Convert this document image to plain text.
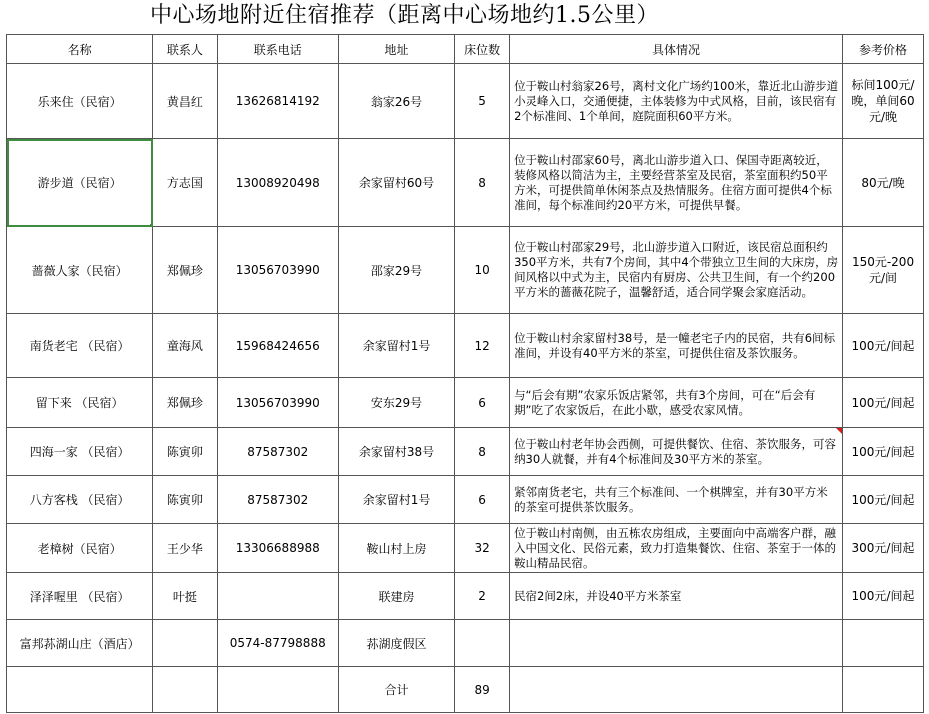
中心场地附近住宿推荐（距离中心场地约1.5公里）
名称	联系人	联系电话	地址	床位数	具体情况	参考价格
乐来住（民宿）	黄昌红	13626814192	翁家26号	5	位于鞍山村翁家26号，离村文化广场约100米，靠近北山游步道小灵峰入口，交通便捷，主体装修为中式风格，目前，该民宿有2个标准间、1个单间，庭院面积60平方米。	标间100元/晚，单间60元/晚
游步道（民宿）	方志国	13008920498	余家留村60号	8	位于鞍山村邵家60号，离北山游步道入口、保国寺距离较近，装修风格以简洁为主，主要经营茶室及民宿，茶室面积约50平方米，可提供简单休闲茶点及热情服务。住宿方面可提供4个标准间，每个标准间约20平方米，可提供早餐。	80元/晚
蔷薇人家（民宿）	郑佩珍	13056703990	邵家29号	10	位于鞍山村邵家29号，北山游步道入口附近，该民宿总面积约350平方米，共有7个房间，其中4个带独立卫生间的大床房，房间风格以中式为主，民宿内有厨房、公共卫生间，有一个约200平方米的蔷薇花院子，温馨舒适，适合同学聚会家庭活动。	150元-200元/间
南货老宅 （民宿）	童海风	15968424656	余家留村1号	12	位于鞍山村余家留村38号，是一幢老宅子内的民宿，共有6间标准间，并设有40平方米的茶室，可提供住宿及茶饮服务。	100元/间起
留下来 （民宿）	郑佩珍	13056703990	安东29号	6	与“后会有期”农家乐饭店紧邻，共有3个房间，可在“后会有期”吃了农家饭后，在此小歇，感受农家风情。	100元/间起
四海一家 （民宿）	陈寅卯	87587302	余家留村38号	8	位于鞍山村老年协会西侧，可提供餐饮、住宿、茶饮服务，可容纳30人就餐，并有4个标准间及30平方米的茶室。	100元/间起
八方客栈 （民宿）	陈寅卯	87587302	余家留村1号	6	紧邻南货老宅，共有三个标准间、一个棋牌室，并有30平方米的茶室可提供茶饮服务。	100元/间起
老樟树（民宿）	王少华	13306688988	鞍山村上房	32	位于鞍山村南侧，由五栋农房组成，主要面向中高端客户群，融入中国文化、民俗元素，致力打造集餐饮、住宿、茶室于一体的鞍山精品民宿。	300元/间起
泽泽喔里 （民宿）	叶挺		联建房	2	民宿2间2床，并设40平方米茶室	100元/间起
富邦荪湖山庄（酒店）		0574-87798888	荪湖度假区			
			合计	89		
